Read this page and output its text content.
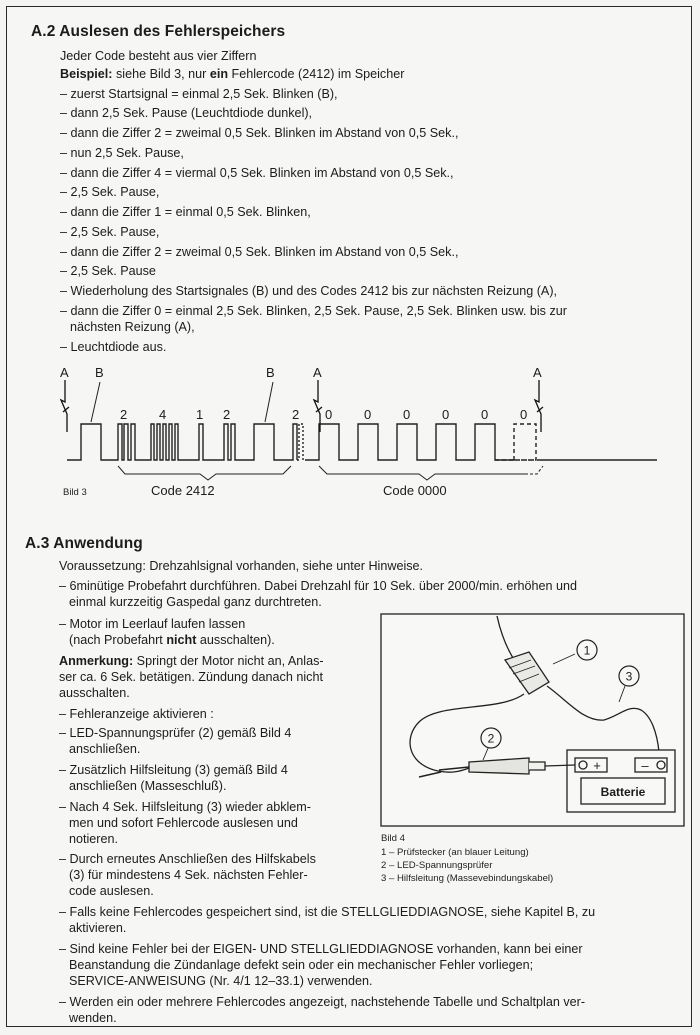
A.2 Auslesen des Fehlerspeichers
Jeder Code besteht aus vier Ziffern
Beispiel: siehe Bild 3, nur ein Fehlercode (2412) im Speicher
– zuerst Startsignal = einmal 2,5 Sek. Blinken (B),
– dann 2,5 Sek. Pause (Leuchtdiode dunkel),
– dann die Ziffer 2 = zweimal 0,5 Sek. Blinken im Abstand von 0,5 Sek.,
– nun 2,5 Sek. Pause,
– dann die Ziffer 4 = viermal 0,5 Sek. Blinken im Abstand von 0,5 Sek.,
– 2,5 Sek. Pause,
– dann die Ziffer 1 = einmal 0,5 Sek. Blinken,
– 2,5 Sek. Pause,
– dann die Ziffer 2 = zweimal 0,5 Sek. Blinken im Abstand von 0,5 Sek.,
– 2,5 Sek. Pause
– Wiederholung des Startsignales (B) und des Codes 2412 bis zur nächsten Reizung (A),
– dann die Ziffer 0 = einmal 2,5 Sek. Blinken, 2,5 Sek. Pause, 2,5 Sek. Blinken usw. bis zur
nächsten Reizung (A),
– Leuchtdiode aus.
A B	B	A	A
2 4 1 2	2 0 0 0 0 0 0
Code 2412	Code 0000
Bild 3
A.3 Anwendung
Voraussetzung: Drehzahlsignal vorhanden, siehe unter Hinweise.
– 6minütige Probefahrt durchführen. Dabei Drehzahl für 10 Sek. über 2000/min. erhöhen und
einmal kurzzeitig Gaspedal ganz durchtreten.
– Motor im Leerlauf laufen lassen
(nach Probefahrt nicht ausschalten).
Anmerkung: Springt der Motor nicht an, Anlas-
ser ca. 6 Sek. betätigen. Zündung danach nicht
ausschalten.
– Fehleranzeige aktivieren :
– LED-Spannungsprüfer (2) gemäß Bild 4
anschließen.
– Zusätzlich Hilfsleitung (3) gemäß Bild 4
anschließen (Masseschluß).
– Nach 4 Sek. Hilfsleitung (3) wieder abklem-
men und sofort Fehlercode auslesen und
notieren.
– Durch erneutes Anschließen des Hilfskabels
(3) für mindestens 4 Sek. nächsten Fehler-
code auslesen.
1
3
2
+	–
Batterie
Bild 4
1 – Prüfstecker (an blauer Leitung)
2 – LED-Spannungsprüfer
3 – Hilfsleitung (Massevebindungskabel)
– Falls keine Fehlercodes gespeichert sind, ist die STELLGLIEDDIAGNOSE, siehe Kapitel B, zu
aktivieren.
– Sind keine Fehler bei der EIGEN- UND STELLGLIEDDIAGNOSE vorhanden, kann bei einer
Beanstandung die Zündanlage defekt sein oder ein mechanischer Fehler vorliegen;
SERVICE-ANWEISUNG (Nr. 4/1 12–33.1) verwenden.
– Werden ein oder mehrere Fehlercodes angezeigt, nachstehende Tabelle und Schaltplan ver-
wenden.
